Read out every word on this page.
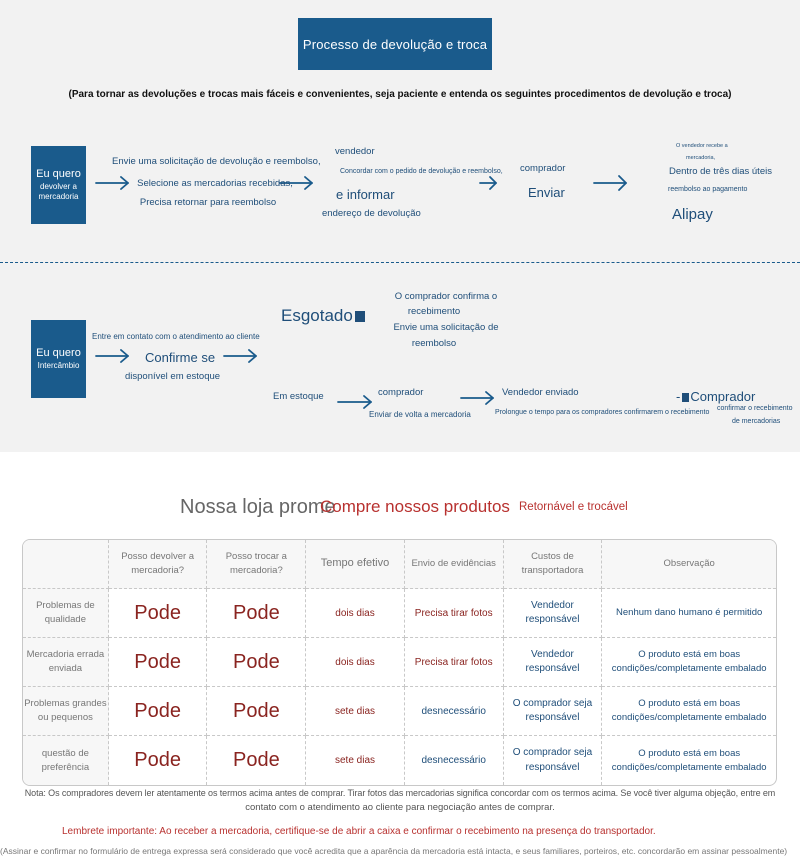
Processo de devolução e troca
(Para tornar as devoluções e trocas mais fáceis e convenientes, seja paciente e entenda os seguintes procedimentos de devolução e troca)
Eu quero
devolver a
mercadoria
Envie uma solicitação de devolução e reembolso,
Selecione as mercadorias recebidas,
Precisa retornar para reembolso
vendedor
Concordar com o pedido de devolução e reembolso,
e informar
endereço de devolução
comprador
Enviar
O vendedor recebe a
mercadoria,
Dentro de três dias úteis
reembolso ao pagamento
Alipay
Eu quero
Intercâmbio
Entre em contato com o atendimento ao cliente
Confirme se
disponível em estoque
Esgotado
O comprador confirma o
recebimento
Envie uma solicitação de
reembolso
Em estoque	comprador
Enviar de volta a mercadoria
Vendedor enviado
Prolongue o tempo para os compradores confirmarem o recebimento
- Comprador
confirmar o recebimento
de mercadorias
Nossa loja prome
Compre nossos produtos Retornável e trocável
	Posso devolver a mercadoria?	Posso trocar a mercadoria?	Tempo efetivo	Envio de evidências	Custos de transportadora	Observação
Problemas de qualidade	Pode	Pode	dois dias	Precisa tirar fotos	Vendedor responsável	Nenhum dano humano é permitido
Mercadoria errada enviada	Pode	Pode	dois dias	Precisa tirar fotos	Vendedor responsável	O produto está em boas condições/completamente embalado
Problemas grandes ou pequenos	Pode	Pode	sete dias	desnecessário	O comprador seja responsável	O produto está em boas condições/completamente embalado
questão de preferência	Pode	Pode	sete dias	desnecessário	O comprador seja responsável	O produto está em boas condições/completamente embalado
Nota: Os compradores devem ler atentamente os termos acima antes de comprar. Tirar fotos das mercadorias significa concordar com os termos acima. Se você tiver alguma objeção, entre em
contato com o atendimento ao cliente para negociação antes de comprar.
Lembrete importante: Ao receber a mercadoria, certifique-se de abrir a caixa e confirmar o recebimento na presença do transportador.
(Assinar e confirmar no formulário de entrega expressa será considerado que você acredita que a aparência da mercadoria está intacta, e seus familiares, porteiros, etc. concordarão em assinar pessoalmente)
